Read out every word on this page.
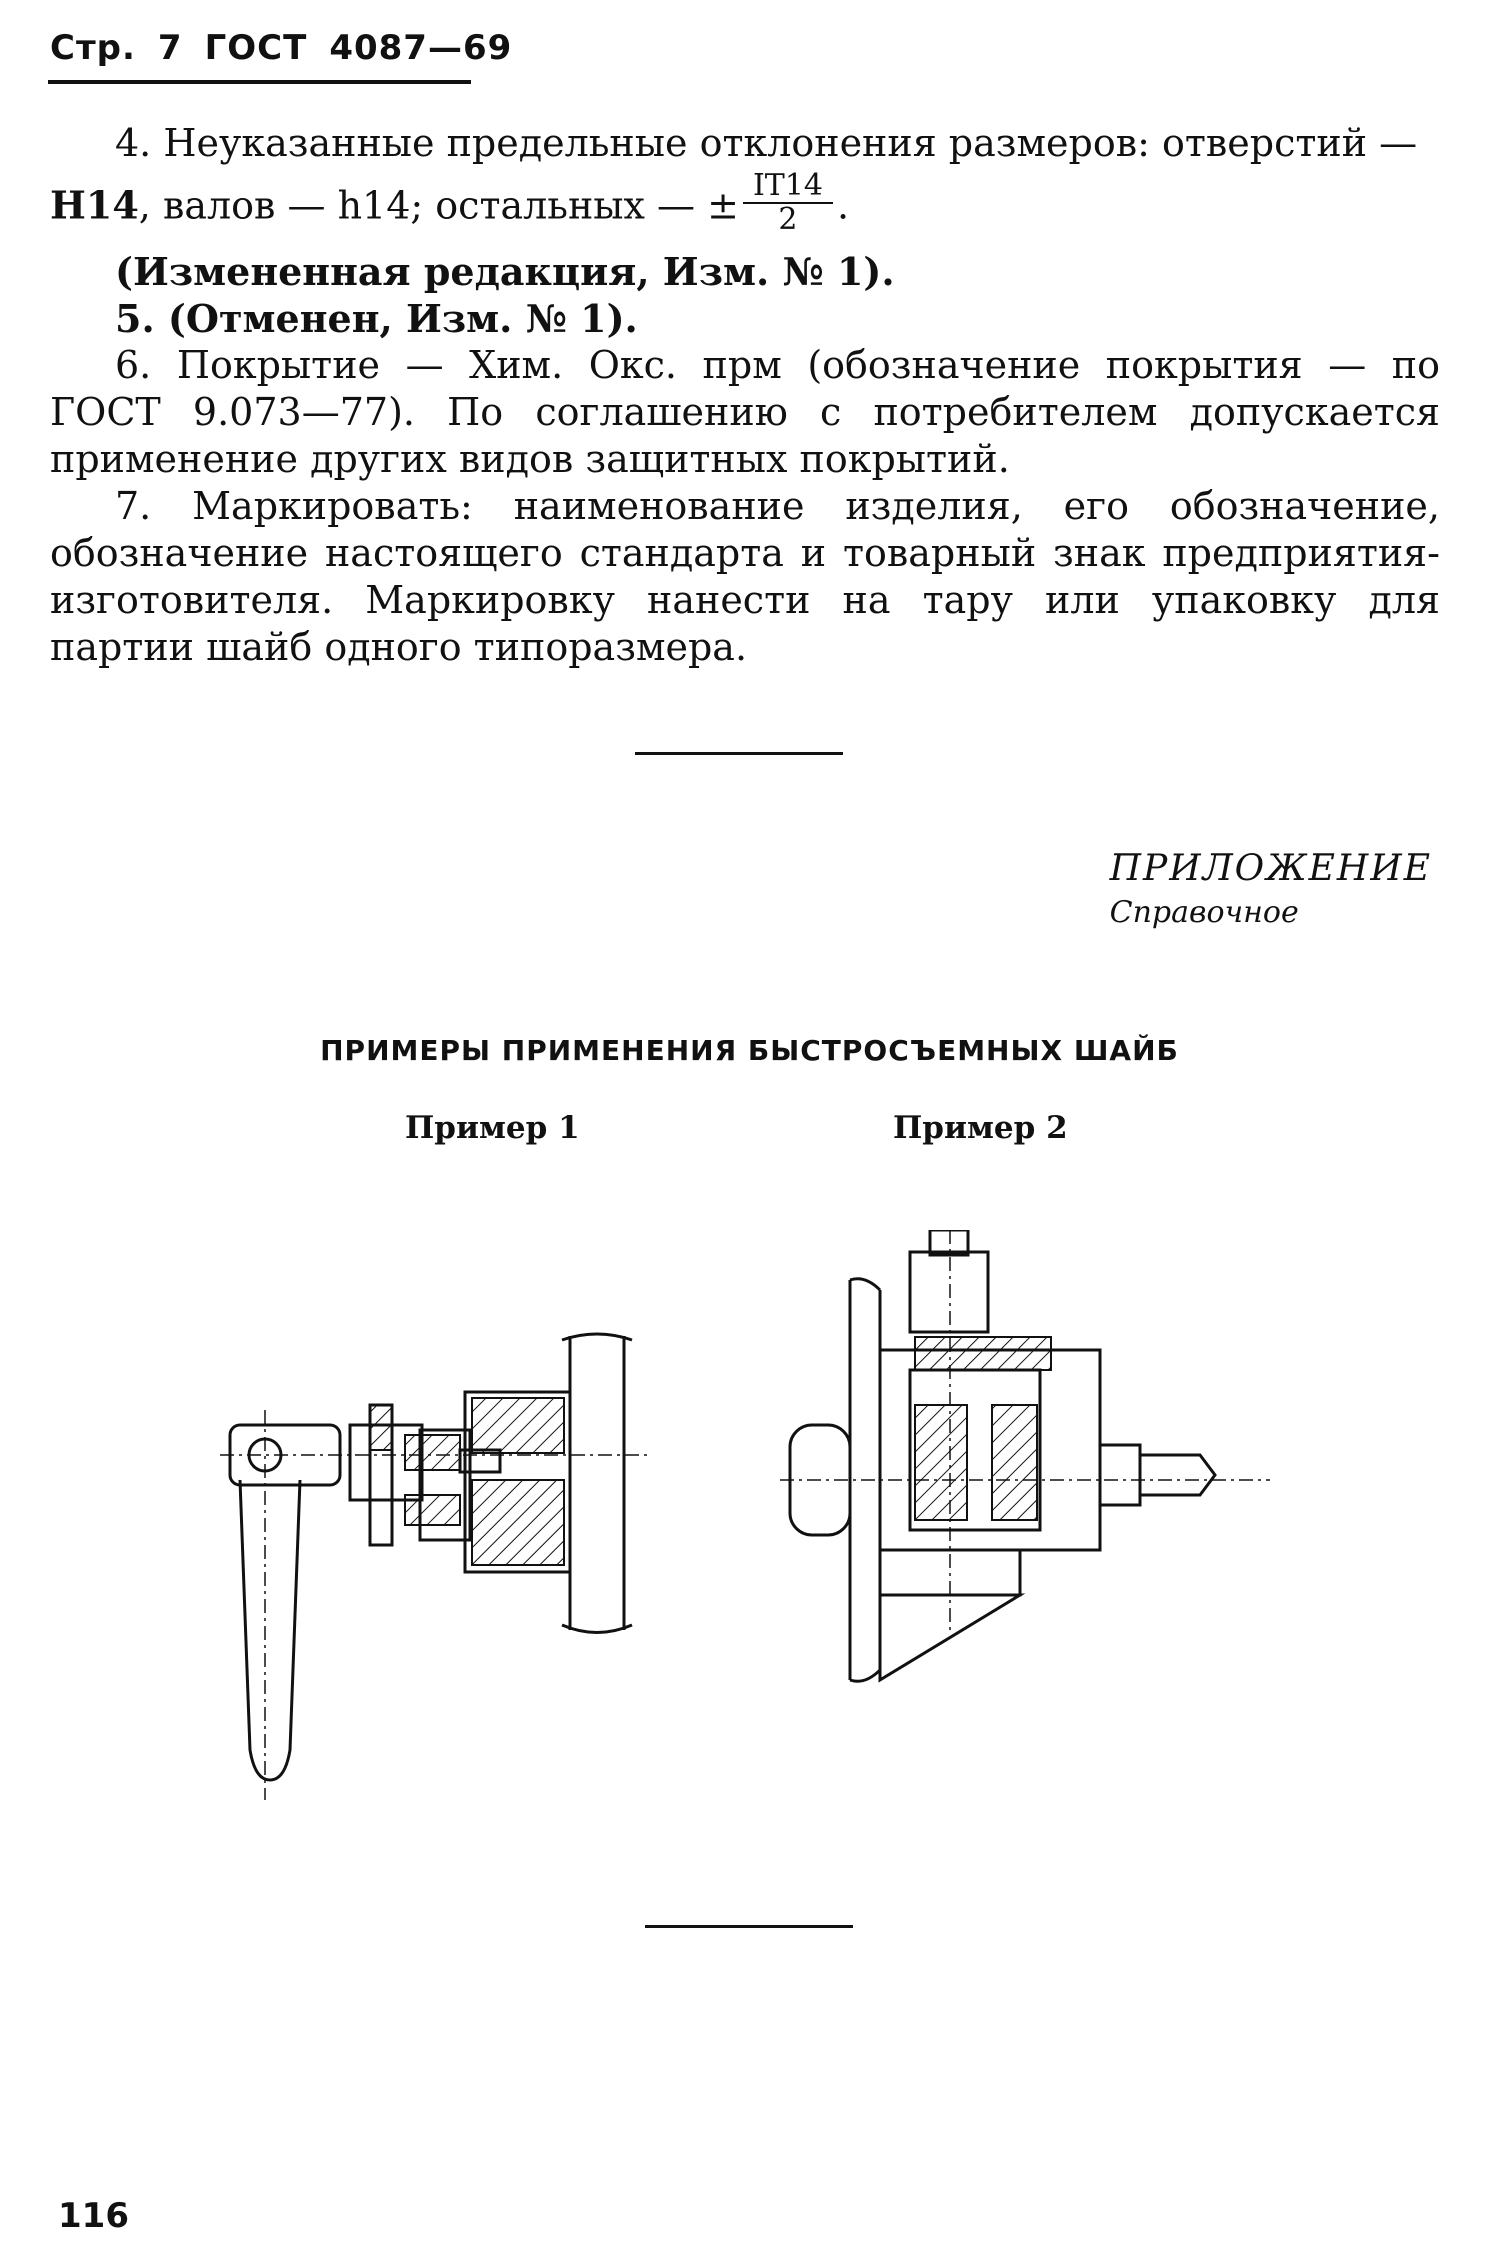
Стр. 7 ГОСТ 4087—69
4. Неуказанные предельные отклонения размеров: отверстий —
H14, валов — h14; остальных — ± $\frac{IT14}{2}$ .
(Измененная редакция, Изм. № 1).
5. (Отменен, Изм. № 1).
6. Покрытие — Хим. Окс. прм (обозначение покрытия — по ГОСТ 9.073—77). По соглашению с потребителем допускается применение других видов защитных покрытий.
7. Маркировать: наименование изделия, его обозначение, обозначение настоящего стандарта и товарный знак предприятия-изготовителя. Маркировку нанести на тару или упаковку для партии шайб одного типоразмера.
ПРИЛОЖЕНИЕ
Справочное
ПРИМЕРЫ ПРИМЕНЕНИЯ БЫСТРОСЪЕМНЫХ ШАЙБ
Пример 1	Пример 2
116
